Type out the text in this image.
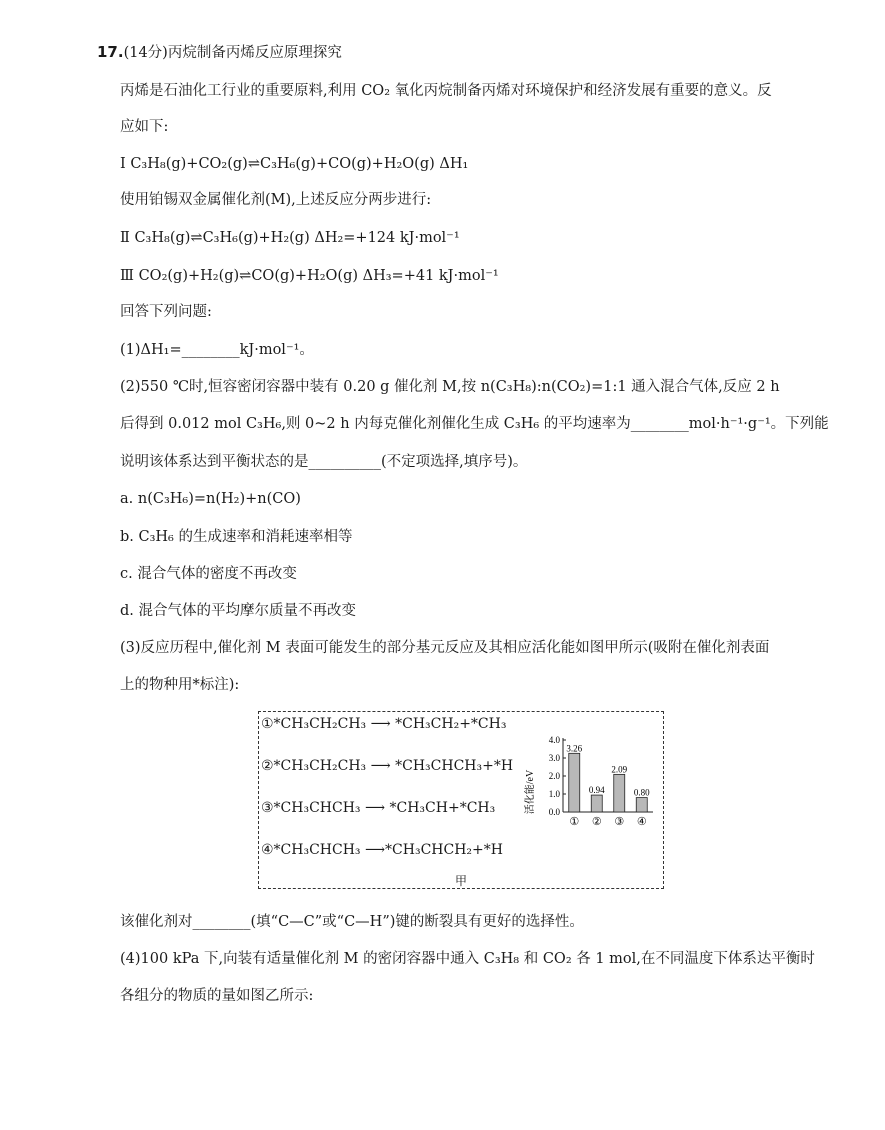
17.(14分)丙烷制备丙烯反应原理探究
丙烯是石油化工行业的重要原料,利用 CO₂ 氧化丙烷制备丙烯对环境保护和经济发展有重要的意义。反
应如下:
Ⅰ C₃H₈(g)+CO₂(g)⇌C₃H₆(g)+CO(g)+H₂O(g) ΔH₁
使用铂锡双金属催化剂(M),上述反应分两步进行:
Ⅱ C₃H₈(g)⇌C₃H₆(g)+H₂(g) ΔH₂=+124 kJ·mol⁻¹
Ⅲ CO₂(g)+H₂(g)⇌CO(g)+H₂O(g) ΔH₃=+41 kJ·mol⁻¹
回答下列问题:
(1)ΔH₁=________kJ·mol⁻¹。
(2)550 ℃时,恒容密闭容器中装有 0.20 g 催化剂 M,按 n(C₃H₈):n(CO₂)=1:1 通入混合气体,反应 2 h
后得到 0.012 mol C₃H₆,则 0~2 h 内每克催化剂催化生成 C₃H₆ 的平均速率为________mol·h⁻¹·g⁻¹。下列能
说明该体系达到平衡状态的是__________(不定项选择,填序号)。
a. n(C₃H₆)=n(H₂)+n(CO)
b. C₃H₆ 的生成速率和消耗速率相等
c. 混合气体的密度不再改变
d. 混合气体的平均摩尔质量不再改变
(3)反应历程中,催化剂 M 表面可能发生的部分基元反应及其相应活化能如图甲所示(吸附在催化剂表面
上的物种用*标注):
①*CH₃CH₂CH₃ ⟶ *CH₃CH₂+*CH₃
②*CH₃CH₂CH₃ ⟶ *CH₃CHCH₃+*H
③*CH₃CHCH₃ ⟶ *CH₃CH+*CH₃
④*CH₃CHCH₃ ⟶*CH₃CHCH₂+*H
活化能/eV 0.0
1.0
2.0
3.0
4.0
3.26
①
0.94
②
2.09
③
0.80
④
甲
该催化剂对________(填“C—C”或“C—H”)键的断裂具有更好的选择性。
(4)100 kPa 下,向装有适量催化剂 M 的密闭容器中通入 C₃H₈ 和 CO₂ 各 1 mol,在不同温度下体系达平衡时
各组分的物质的量如图乙所示:
